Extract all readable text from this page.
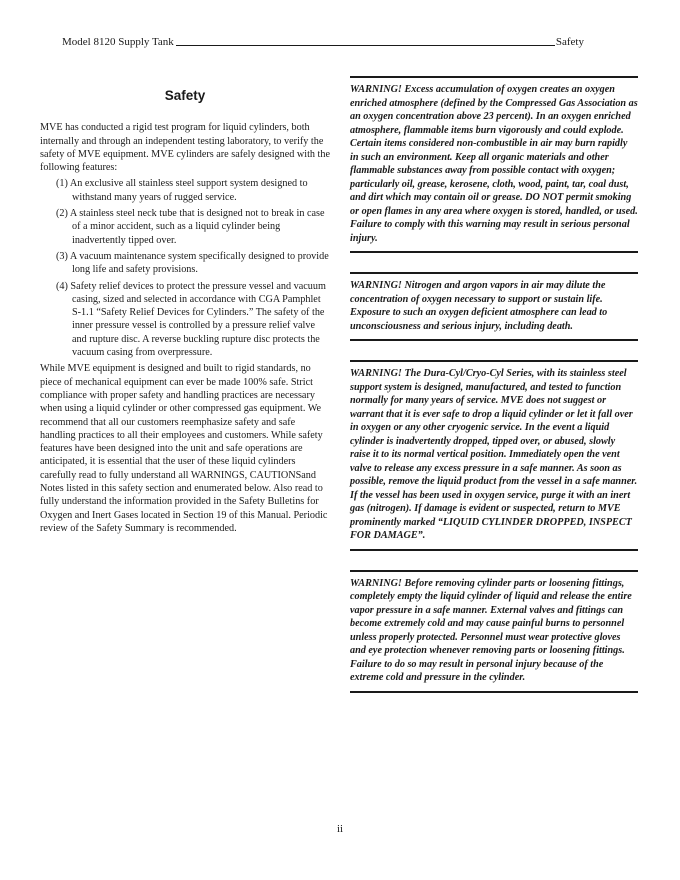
Model 8120 Supply Tank	Safety
Safety

MVE has conducted a rigid test program for liquid cylinders, both internally and through an independent testing laboratory, to verify the safety of MVE equipment. MVE cylinders are safely designed with the following features:

(1) An exclusive all stainless steel support system designed to withstand many years of rugged service.
(2) A stainless steel neck tube that is designed not to break in case of a minor accident, such as a liquid cylinder being inadvertently tipped over.
(3) A vacuum maintenance system specifically designed to provide long life and safety provisions.
(4) Safety relief devices to protect the pressure vessel and vacuum casing, sized and selected in accordance with CGA Pamphlet S-1.1 “Safety Relief Devices for Cylinders.” The safety of the inner pressure vessel is controlled by a pressure relief valve and rupture disc. A reverse buckling rupture disc protects the vacuum casing from overpressure.

While MVE equipment is designed and built to rigid standards, no piece of mechanical equipment can ever be made 100% safe. Strict compliance with proper safety and handling practices are necessary when using a liquid cylinder or other compressed gas equipment. We recommend that all our customers reemphasize safety and safe handling practices to all their employees and customers. While safety features have been designed into the unit and safe operations are anticipated, it is essential that the user of these liquid cylinders carefully read to fully understand all WARNINGS, CAUTIONSand Notes listed in this safety section and enumerated below. Also read to fully understand the information provided in the Safety Bulletins for Oxygen and Inert Gases located in Section 19 of this Manual. Periodic review of the Safety Summary is recommended.

WARNING! Excess accumulation of oxygen creates an oxygen enriched atmosphere (defined by the Compressed Gas Association as an oxygen concentration above 23 percent). In an oxygen enriched atmosphere, flammable items burn vigorously and could explode. Certain items considered non-combustible in air may burn rapidly in such an environment. Keep all organic materials and other flammable substances away from possible contact with oxygen; particularly oil, grease, kerosene, cloth, wood, paint, tar, coal dust, and dirt which may contain oil or grease. DO NOT permit smoking or open flames in any area where oxygen is stored, handled, or used. Failure to comply with this warning may result in serious personal injury.

WARNING! Nitrogen and argon vapors in air may dilute the concentration of oxygen necessary to support or sustain life. Exposure to such an oxygen deficient atmosphere can lead to unconsciousness and serious injury, including death.

WARNING! The Dura-Cyl/Cryo-Cyl Series, with its stainless steel support system is designed, manufactured, and tested to function normally for many years of service. MVE does not suggest or warrant that it is ever safe to drop a liquid cylinder or let it fall over in oxygen or any other cryogenic service. In the event a liquid cylinder is inadvertently dropped, tipped over, or abused, slowly raise it to its normal vertical position. Immediately open the vent valve to release any excess pressure in a safe manner. As soon as possible, remove the liquid product from the vessel in a safe manner. If the vessel has been used in oxygen service, purge it with an inert gas (nitrogen). If damage is evident or suspected, return to MVE prominently marked “LIQUID CYLINDER DROPPED, INSPECT FOR DAMAGE”.

WARNING! Before removing cylinder parts or loosening fittings, completely empty the liquid cylinder of liquid and release the entire vapor pressure in a safe manner. External valves and fittings can become extremely cold and may cause painful burns to personnel unless properly protected. Personnel must wear protective gloves and eye protection whenever removing parts or loosening fittings. Failure to do so may result in personal injury because of the extreme cold and pressure in the cylinder.

ii
